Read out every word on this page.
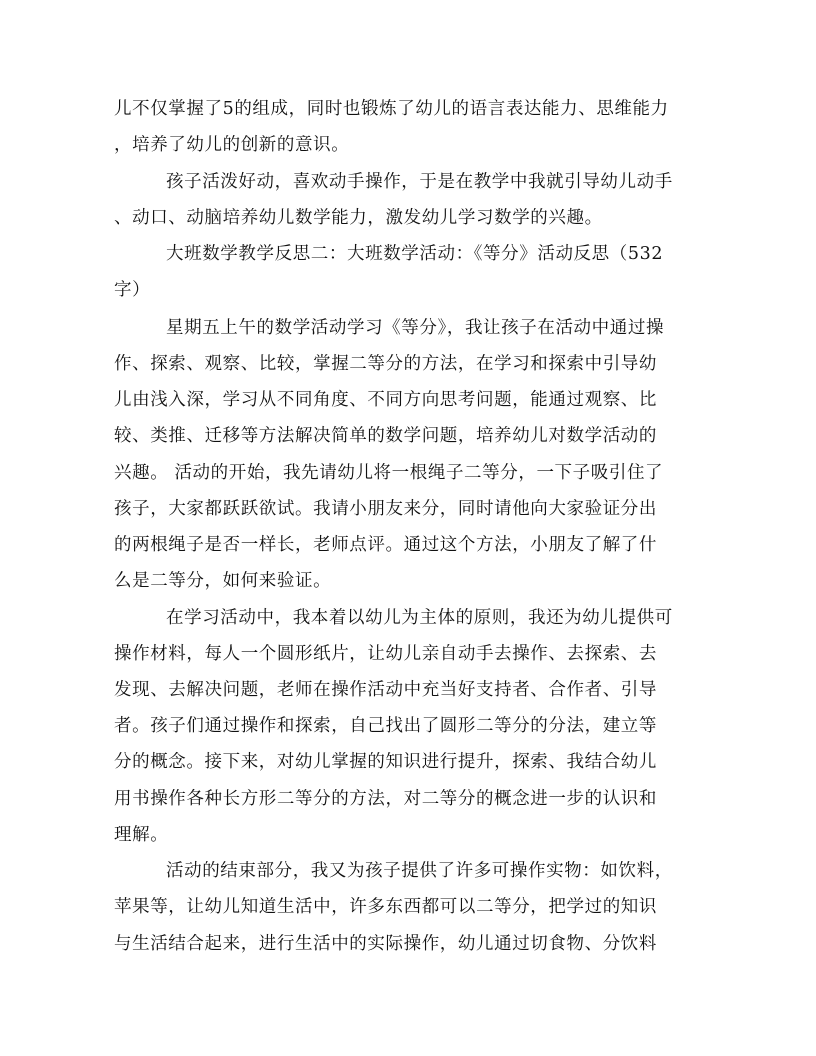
儿不仅掌握了5的组成，同时也锻炼了幼儿的语言表达能力、思维能力
，培养了幼儿的创新的意识。
孩子活泼好动，喜欢动手操作，于是在教学中我就引导幼儿动手
、动口、动脑培养幼儿数学能力，激发幼儿学习数学的兴趣。
大班数学教学反思二：大班数学活动：《等分》活动反思（532
字）
星期五上午的数学活动学习《等分》，我让孩子在活动中通过操
作、探索、观察、比较，掌握二等分的方法，在学习和探索中引导幼
儿由浅入深，学习从不同角度、不同方向思考问题，能通过观察、比
较、类推、迁移等方法解决简单的数学问题，培养幼儿对数学活动的
兴趣。 活动的开始，我先请幼儿将一根绳子二等分，一下子吸引住了
孩子，大家都跃跃欲试。我请小朋友来分，同时请他向大家验证分出
的两根绳子是否一样长，老师点评。通过这个方法，小朋友了解了什
么是二等分，如何来验证。
在学习活动中，我本着以幼儿为主体的原则，我还为幼儿提供可
操作材料，每人一个圆形纸片，让幼儿亲自动手去操作、去探索、去
发现、去解决问题，老师在操作活动中充当好支持者、合作者、引导
者。孩子们通过操作和探索，自己找出了圆形二等分的分法，建立等
分的概念。接下来，对幼儿掌握的知识进行提升，探索、我结合幼儿
用书操作各种长方形二等分的方法，对二等分的概念进一步的认识和
理解。
活动的结束部分，我又为孩子提供了许多可操作实物：如饮料，
苹果等，让幼儿知道生活中，许多东西都可以二等分，把学过的知识
与生活结合起来，进行生活中的实际操作，幼儿通过切食物、分饮料
